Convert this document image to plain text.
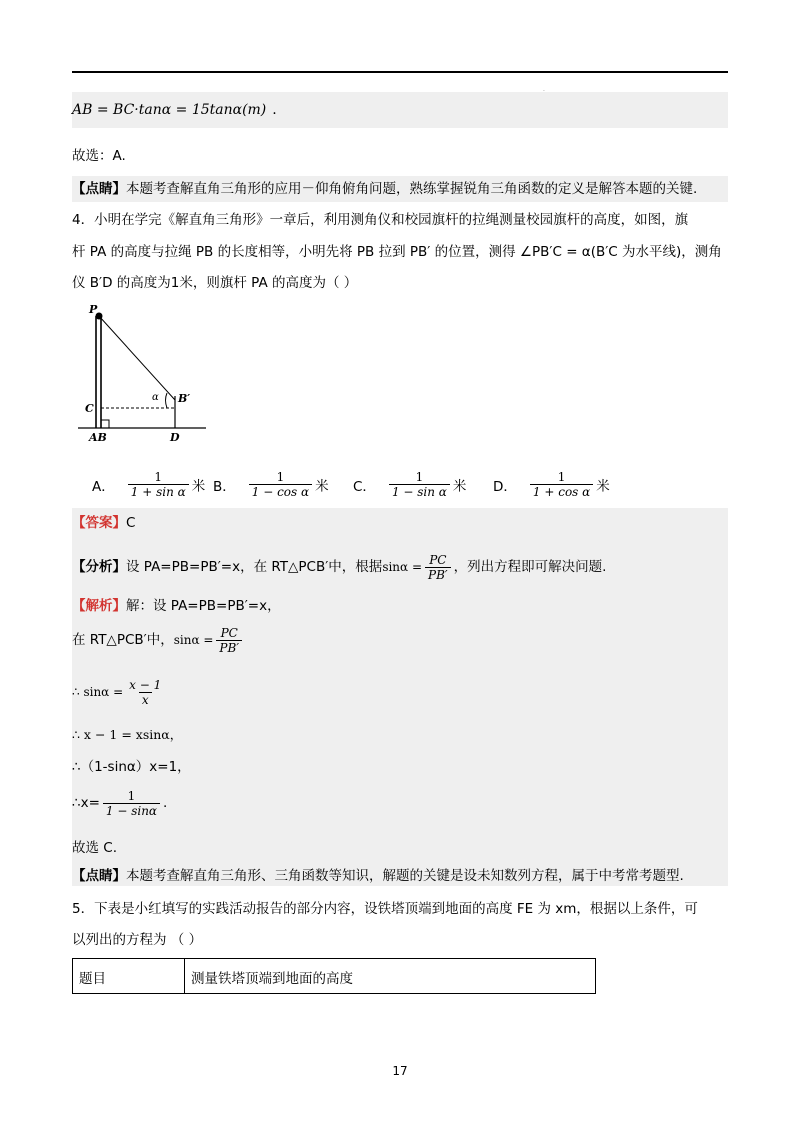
.
AB = BC·tanα = 15tanα(m) .
故选：A.
【点睛】本题考查解直角三角形的应用－仰角俯角问题，熟练掌握锐角三角函数的定义是解答本题的关键.
4．小明在学完《解直角三角形》一章后，利用测角仪和校园旗杆的拉绳测量校园旗杆的高度，如图，旗
杆 PA 的高度与拉绳 PB 的长度相等，小明先将 PB 拉到 PB′ 的位置，测得 ∠PB′C = α(B′C 为水平线)，测角
仪 B′D 的高度为1米，则旗杆 PA 的高度为（ ）
P
C
AB	D
B′
α
A． $\frac{1}{\text{1 + sin α}}$ 米 B． $\frac{1}{\text{1 − cos α}}$ 米 C． $\frac{1}{\text{1 − sin α}}$ 米 D． $\frac{1}{\text{1 + cos α}}$ 米
【答案】C
【分析】设 PA=PB=PB′=x，在 RT△PCB′中，根据$\sin\alpha = \frac{PC}{PB'}$ ，列出方程即可解决问题.
【解析】解：设 PA=PB=PB′=x，
在 RT△PCB′中，$\sin\alpha = \frac{PC}{PB'}$
∴ $\sin\alpha = \frac{x - 1}{x}$
∴ x − 1 = xsinα，
∴（1-sinα）x=1，
∴x= $\frac{1}{1 - \sin\alpha}$ .
故选 C.
【点睛】本题考查解直角三角形、三角函数等知识，解题的关键是设未知数列方程，属于中考常考题型.
5．下表是小红填写的实践活动报告的部分内容，设铁塔顶端到地面的高度 FE 为 xm，根据以上条件，可
以列出的方程为 （ ）
题目	测量铁塔顶端到地面的高度
17
